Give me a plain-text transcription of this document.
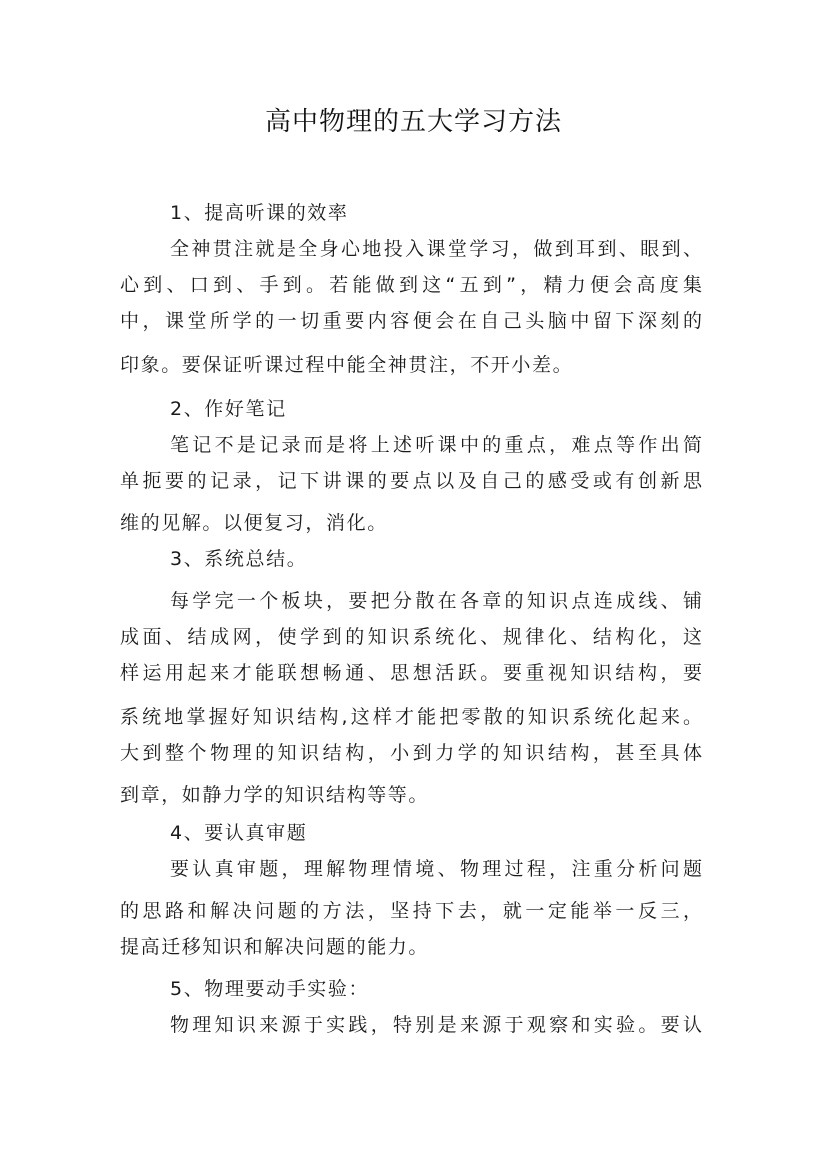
高中物理的五大学习方法
1、提高听课的效率
全神贯注就是全身心地投入课堂学习，做到耳到、眼到、
心到、口到、手到。若能做到这“五到”，精力便会高度集
中，课堂所学的一切重要内容便会在自己头脑中留下深刻的
印象。要保证听课过程中能全神贯注，不开小差。
2、作好笔记
笔记不是记录而是将上述听课中的重点，难点等作出简
单扼要的记录，记下讲课的要点以及自己的感受或有创新思
维的见解。以便复习，消化。
3、系统总结。
每学完一个板块，要把分散在各章的知识点连成线、铺
成面、结成网，使学到的知识系统化、规律化、结构化，这
样运用起来才能联想畅通、思想活跃。要重视知识结构，要
系统地掌握好知识结构,这样才能把零散的知识系统化起来。
大到整个物理的知识结构，小到力学的知识结构，甚至具体
到章，如静力学的知识结构等等。
4、要认真审题
要认真审题，理解物理情境、物理过程，注重分析问题
的思路和解决问题的方法，坚持下去，就一定能举一反三，
提高迁移知识和解决问题的能力。
5、物理要动手实验：
物理知识来源于实践，特别是来源于观察和实验。要认
